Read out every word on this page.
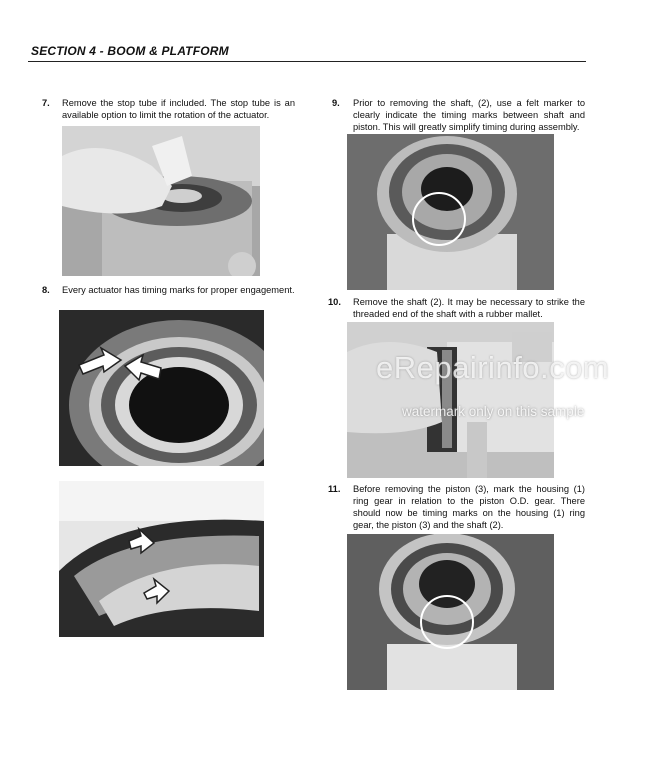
SECTION 4 - BOOM & PLATFORM
7. Remove the stop tube if included. The stop tube is an available option to limit the rotation of the actuator.
8. Every actuator has timing marks for proper engagement.
9. Prior to removing the shaft, (2), use a felt marker to clearly indicate the timing marks between shaft and piston. This will greatly simplify timing during assembly.
10. Remove the shaft (2). It may be necessary to strike the threaded end of the shaft with a rubber mallet.
11. Before removing the piston (3), mark the housing (1) ring gear in relation to the piston O.D. gear. There should now be timing marks on the housing (1) ring gear, the piston (3) and the shaft (2).
eRepairinfo.com
watermark only on this sample
